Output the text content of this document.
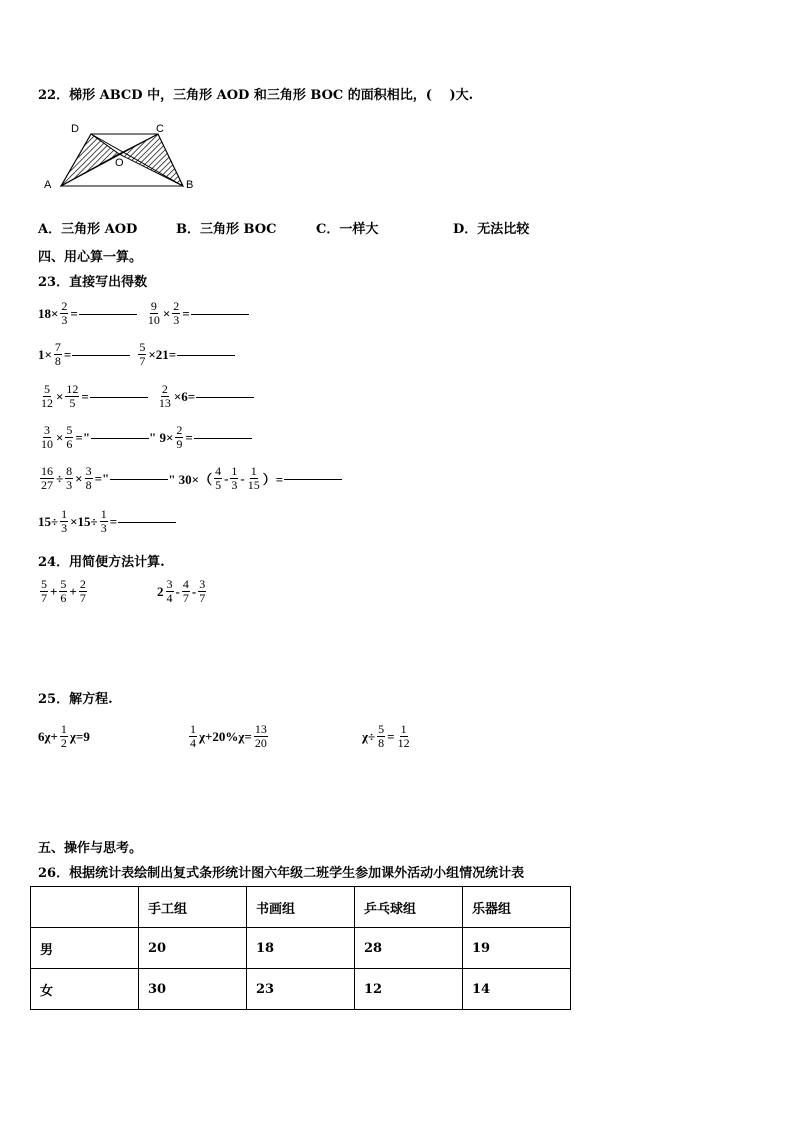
22．梯形 ABCD 中，三角形 AOD 和三角形 BOC 的面积相比，(　 )大.
D	C
O
A	B
A．三角形 AOD	B．三角形 BOC	C．一样大	D．无法比较
四、用心算一算。
23．直接写出得数
$18\times \frac{2}{3}$ =	$\frac{9}{10} \times \frac{2}{3}$ =
$1\times \frac{7}{8}$ =	$\frac{5}{7} \times 21=$
$\frac{5}{12} \times \frac{12}{5}$ =	$\frac{2}{13} \times 6=$
$\frac{3}{10} \times \frac{5}{6}$ ="	" $9\times \frac{2}{9}$ =
$\frac{16}{27} \div \frac{8}{3} \times \frac{3}{8}$ ="	" $30\times( \frac{4}{5} - \frac{1}{3} - \frac{1}{15}$ ）=
$15\div \frac{1}{3} \times 15\div \frac{1}{3}$ =
24．用简便方法计算.
$\frac{5}{7} + \frac{5}{6} + \frac{2}{7}$	$2 \frac{3}{4} - \frac{4}{7} - \frac{3}{7}$
25．解方程.
$6\chi+ \frac{1}{2} \chi=9$	$\frac{1}{4} \chi+20\%\chi= \frac{13}{20}$	$\chi\div \frac{5}{8} = \frac{1}{12}$
五、操作与思考。
26．根据统计表绘制出复式条形统计图六年级二班学生参加课外活动小组情况统计表
	手工组	书画组	乒乓球组	乐器组
男	20	18	28	19
女	30	23	12	14
